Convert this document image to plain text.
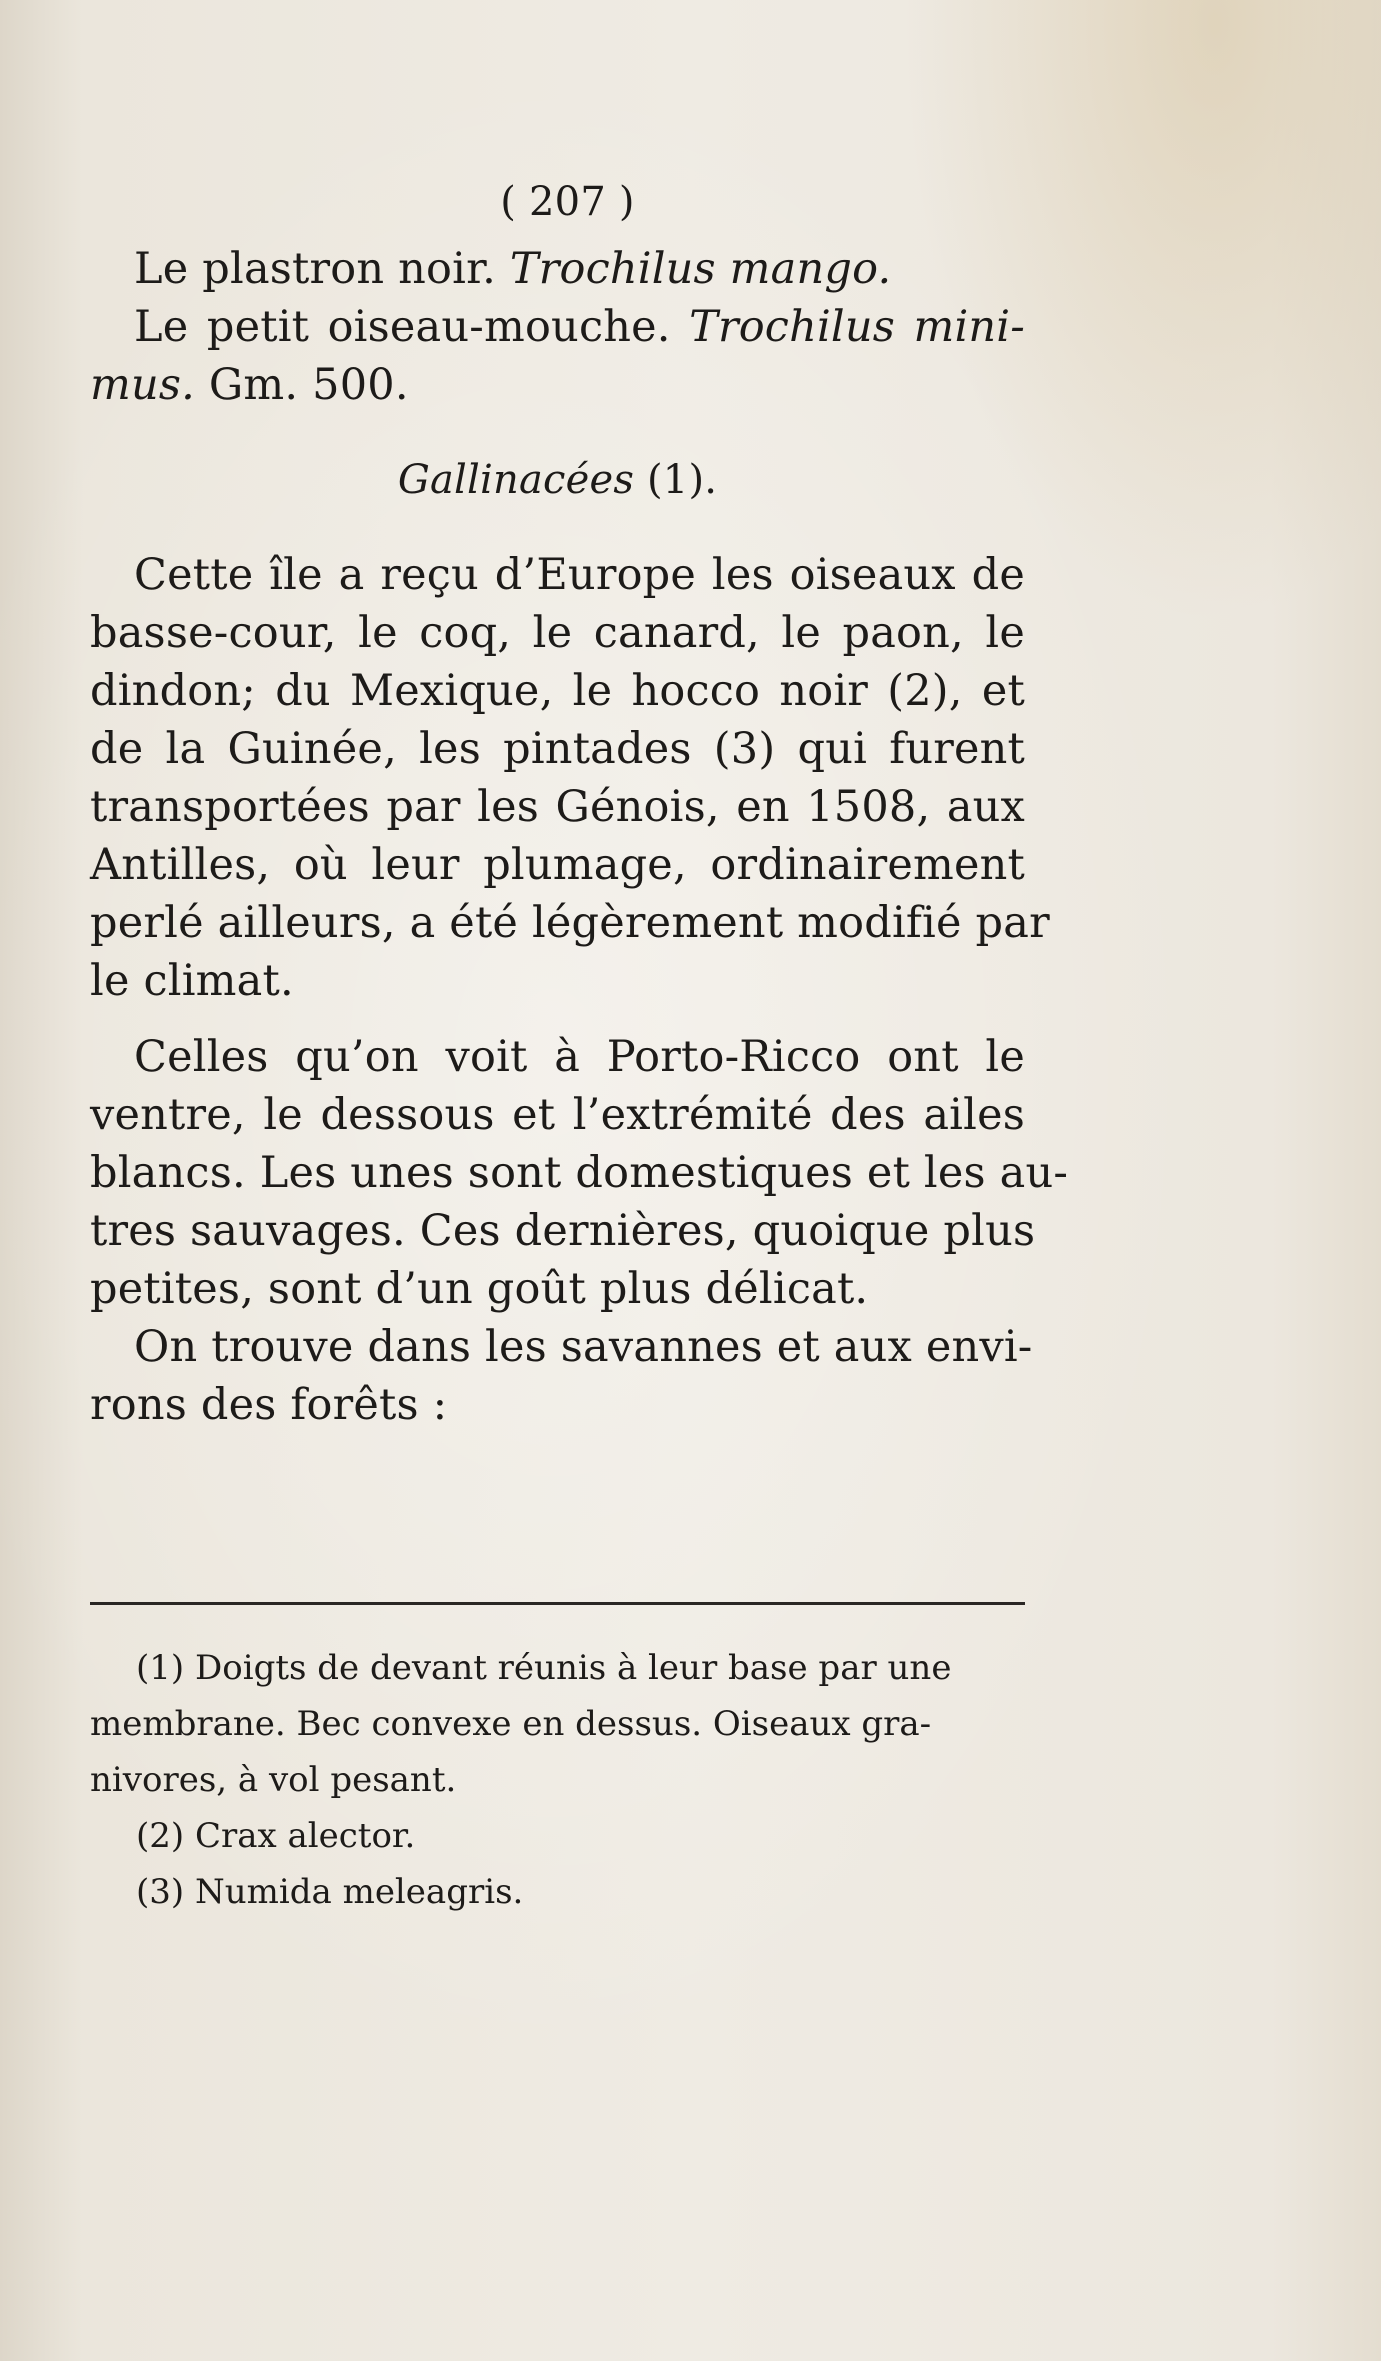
( 207 )
Le plastron noir. Trochilus mango.
Le petit oiseau-mouche. Trochilus mini-
mus. Gm. 500.
Gallinacées (1).
Cette île a reçu d’Europe les oiseaux de
basse-cour, le coq, le canard, le paon, le
dindon; du Mexique, le hocco noir (2), et
de la Guinée, les pintades (3) qui furent
transportées par les Génois, en 1508, aux
Antilles, où leur plumage, ordinairement
perlé ailleurs, a été légèrement modifié par
le climat.
Celles qu’on voit à Porto-Ricco ont le
ventre, le dessous et l’extrémité des ailes
blancs. Les unes sont domestiques et les au-
tres sauvages. Ces dernières, quoique plus
petites, sont d’un goût plus délicat.
On trouve dans les savannes et aux envi-
rons des forêts :
(1) Doigts de devant réunis à leur base par une
membrane. Bec convexe en dessus. Oiseaux gra-
nivores, à vol pesant.
(2) Crax alector.
(3) Numida meleagris.
